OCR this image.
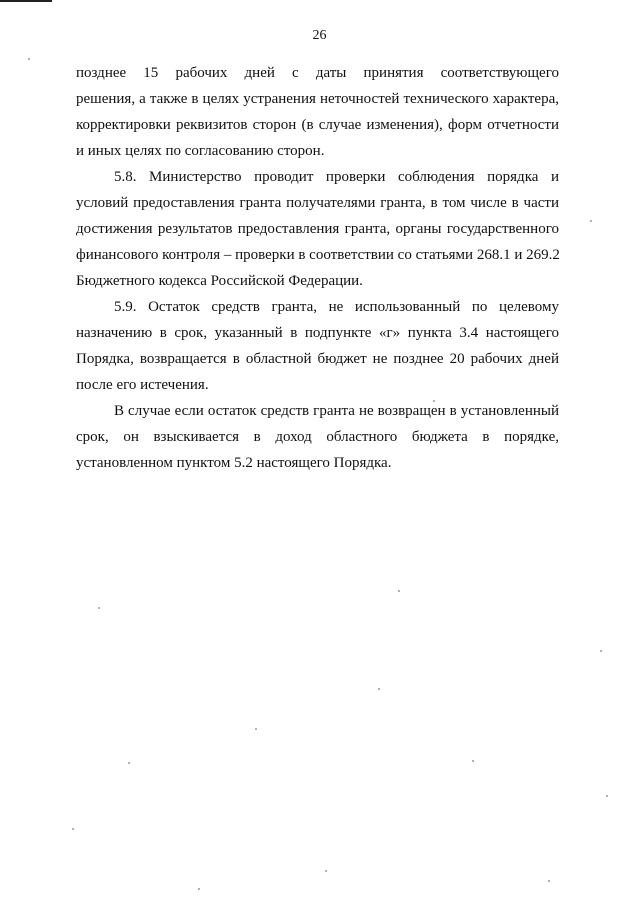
26
позднее 15 рабочих дней с даты принятия соответствующего
решения, а также в целях устранения неточностей технического характера,
корректировки реквизитов сторон (в случае изменения), форм отчетности
и иных целях по согласованию сторон.
5.8. Министерство проводит проверки соблюдения порядка и
условий предоставления гранта получателями гранта, в том числе в части
достижения результатов предоставления гранта, органы государственного
финансового контроля – проверки в соответствии со статьями 268.1 и 269.2
Бюджетного кодекса Российской Федерации.
5.9. Остаток средств гранта, не использованный по целевому
назначению в срок, указанный в подпункте «г» пункта 3.4 настоящего
Порядка, возвращается в областной бюджет не позднее 20 рабочих дней
после его истечения.
В случае если остаток средств гранта не возвращен в установленный
срок, он взыскивается в доход областного бюджета в порядке,
установленном пунктом 5.2 настоящего Порядка.
